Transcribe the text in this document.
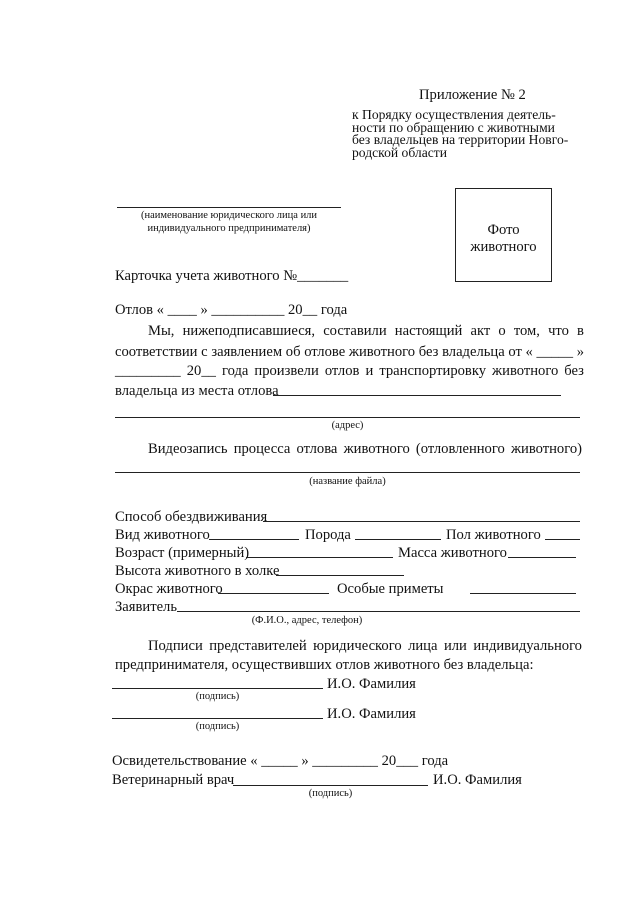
Приложение № 2
к Порядку осуществления деятель-
ности по обращению с животными
без владельцев на территории Новго-
родской области
(наименование юридического лица или
индивидуального предпринимателя)	Фото
животного
Карточка учета животного №_______
Отлов « ____ » __________ 20__ года
Мы, нижеподписавшиеся, составили настоящий акт о том, что в
соответствии с заявлением об отлове животного без владельца от « _____ »
_________ 20__ года произвели отлов и транспортировку животного без
владельца из места отлова
(адрес)
Видеозапись процесса отлова животного (отловленного животного)
(название файла)
Способ обездвиживания
Вид животного	Порода	Пол животного
Возраст (примерный)	Масса животного
Высота животного в холке
Окрас животного	Особые приметы
Заявитель
(Ф.И.О., адрес, телефон)
Подписи представителей юридического лица или индивидуального
предпринимателя, осуществивших отлов животного без владельца:
И.О. Фамилия
(подпись)
И.О. Фамилия
(подпись)
Освидетельствование « _____ » _________ 20___ года
Ветеринарный врач	И.О. Фамилия
(подпись)
